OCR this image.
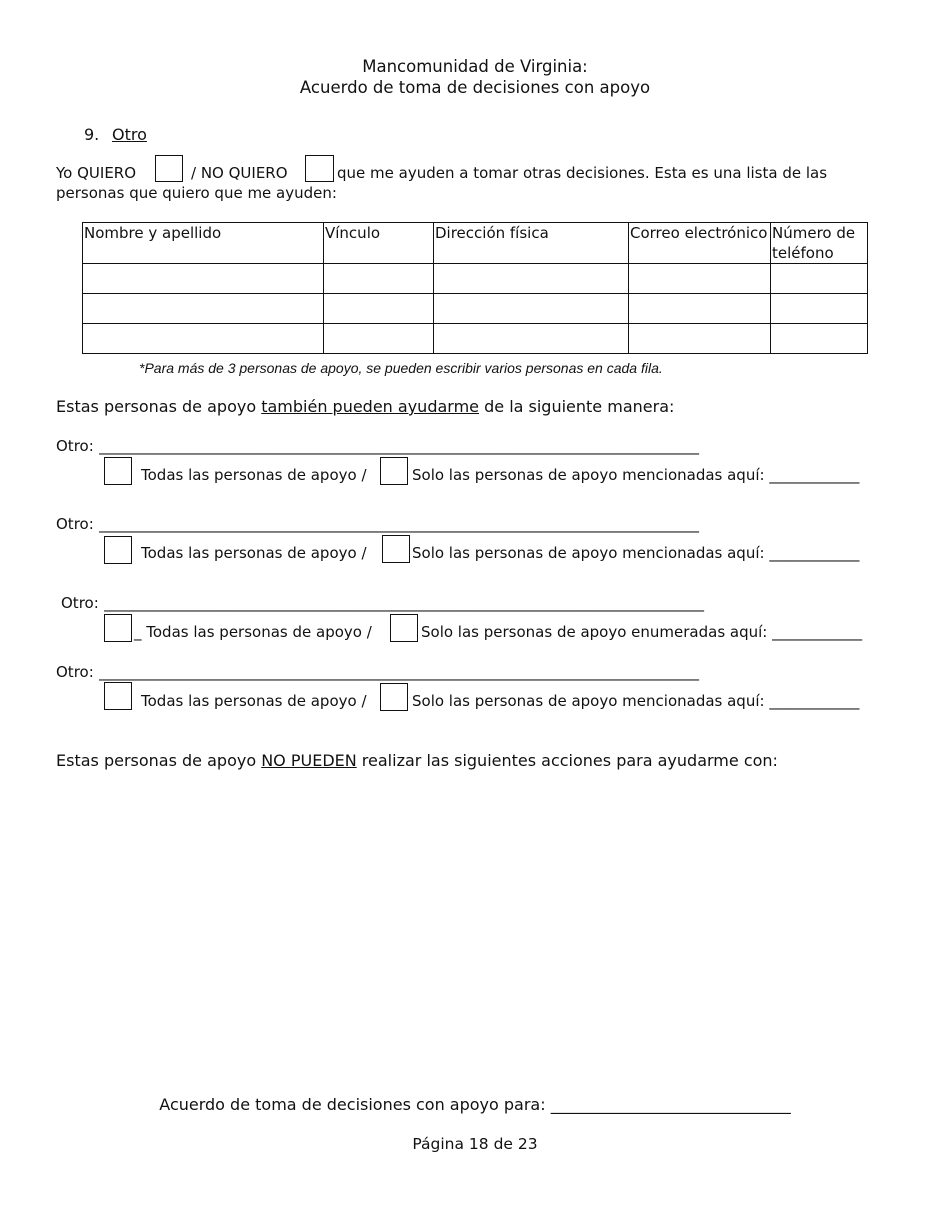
Mancomunidad de Virginia:
Acuerdo de toma de decisiones con apoyo
9. Otro
Yo QUIERO	/ NO QUIERO	que me ayuden a tomar otras decisiones. Esta es una lista de las
personas que quiero que me ayuden:
Nombre y apellido	Vínculo	Dirección física	Correo electrónico	Número de teléfono

*Para más de 3 personas de apoyo, se pueden escribir varios personas en cada fila.
Estas personas de apoyo también pueden ayudarme de la siguiente manera:
Otro: ________________________________________________________________________________
Todas las personas de apoyo /	Solo las personas de apoyo mencionadas aquí: ____________
Otro: ________________________________________________________________________________
Todas las personas de apoyo /	Solo las personas de apoyo mencionadas aquí: ____________
Otro: ________________________________________________________________________________
_ Todas las personas de apoyo /	Solo las personas de apoyo enumeradas aquí: ____________
Otro: ________________________________________________________________________________
Todas las personas de apoyo /	Solo las personas de apoyo mencionadas aquí: ____________
Estas personas de apoyo NO PUEDEN realizar las siguientes acciones para ayudarme con:
Acuerdo de toma de decisiones con apoyo para: ______________________________
Página 18 de 23
